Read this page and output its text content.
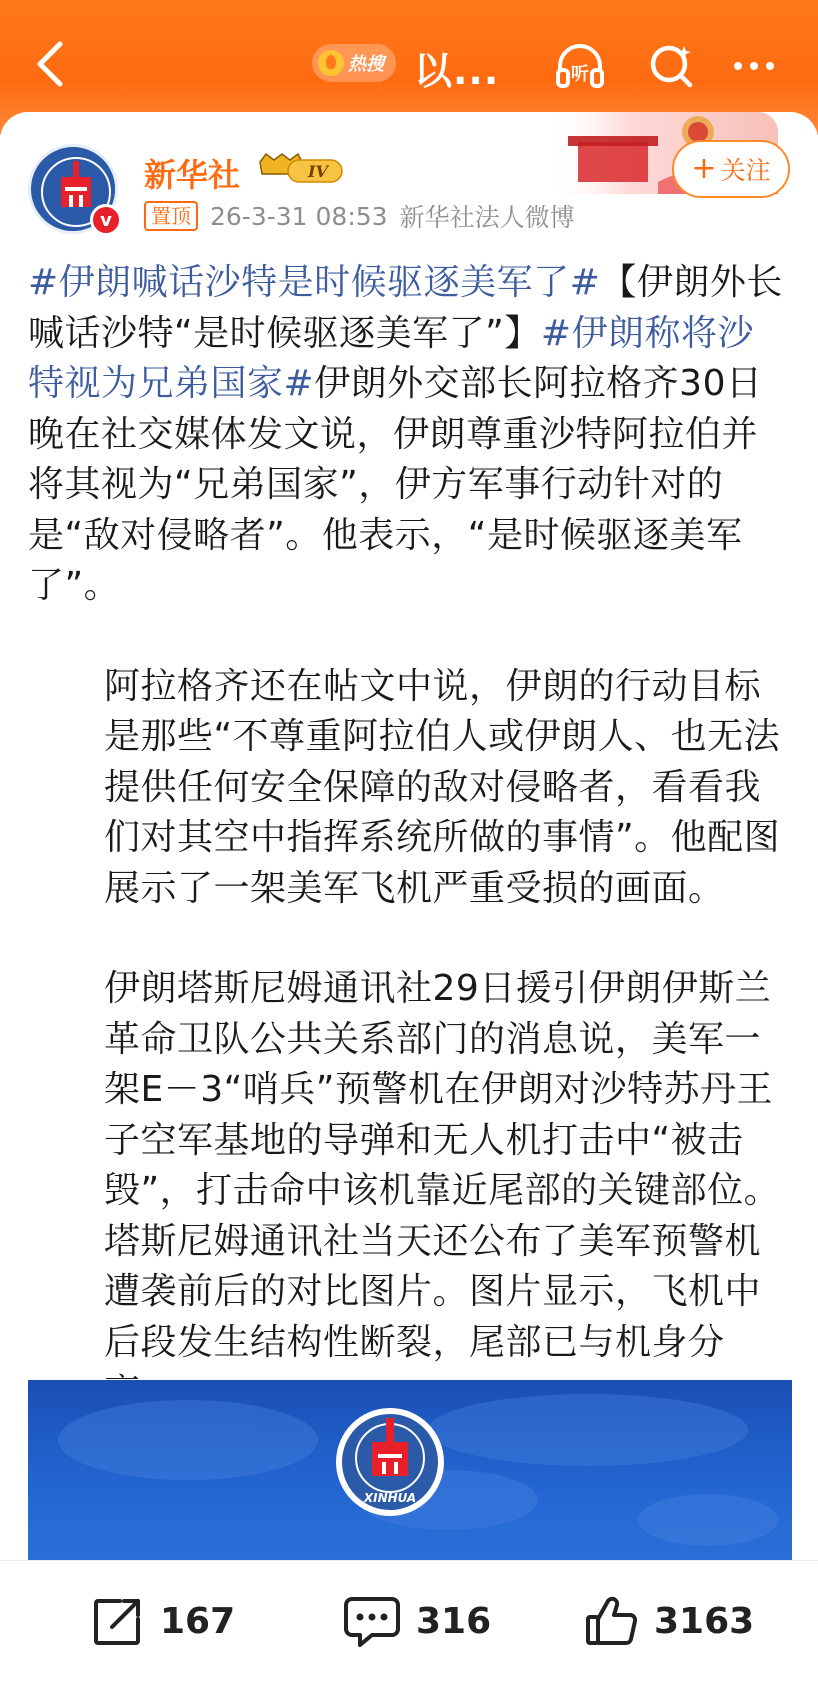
热搜 以...	听
v
新华社	IV
置顶 26-3-31 08:53 新华社法人微博
+ 关注

#伊朗喊话沙特是时候驱逐美军了#【伊朗外长喊话沙特“是时候驱逐美军了”】#伊朗称将沙特视为兄弟国家#伊朗外交部长阿拉格齐30日晚在社交媒体发文说，伊朗尊重沙特阿拉伯并将其视为“兄弟国家”，伊方军事行动针对的是“敌对侵略者”。他表示，“是时候驱逐美军了”。

阿拉格齐还在帖文中说，伊朗的行动目标是那些“不尊重阿拉伯人或伊朗人、也无法提供任何安全保障的敌对侵略者，看看我们对其空中指挥系统所做的事情”。他配图展示了一架美军飞机严重受损的画面。

伊朗塔斯尼姆通讯社29日援引伊朗伊斯兰革命卫队公共关系部门的消息说，美军一架E－3“哨兵”预警机在伊朗对沙特苏丹王子空军基地的导弹和无人机打击中“被击毁”，打击命中该机靠近尾部的关键部位。塔斯尼姆通讯社当天还公布了美军预警机遭袭前后的对比图片。图片显示，飞机中后段发生结构性断裂，尾部已与机身分

XINHUA
167	316	3163
